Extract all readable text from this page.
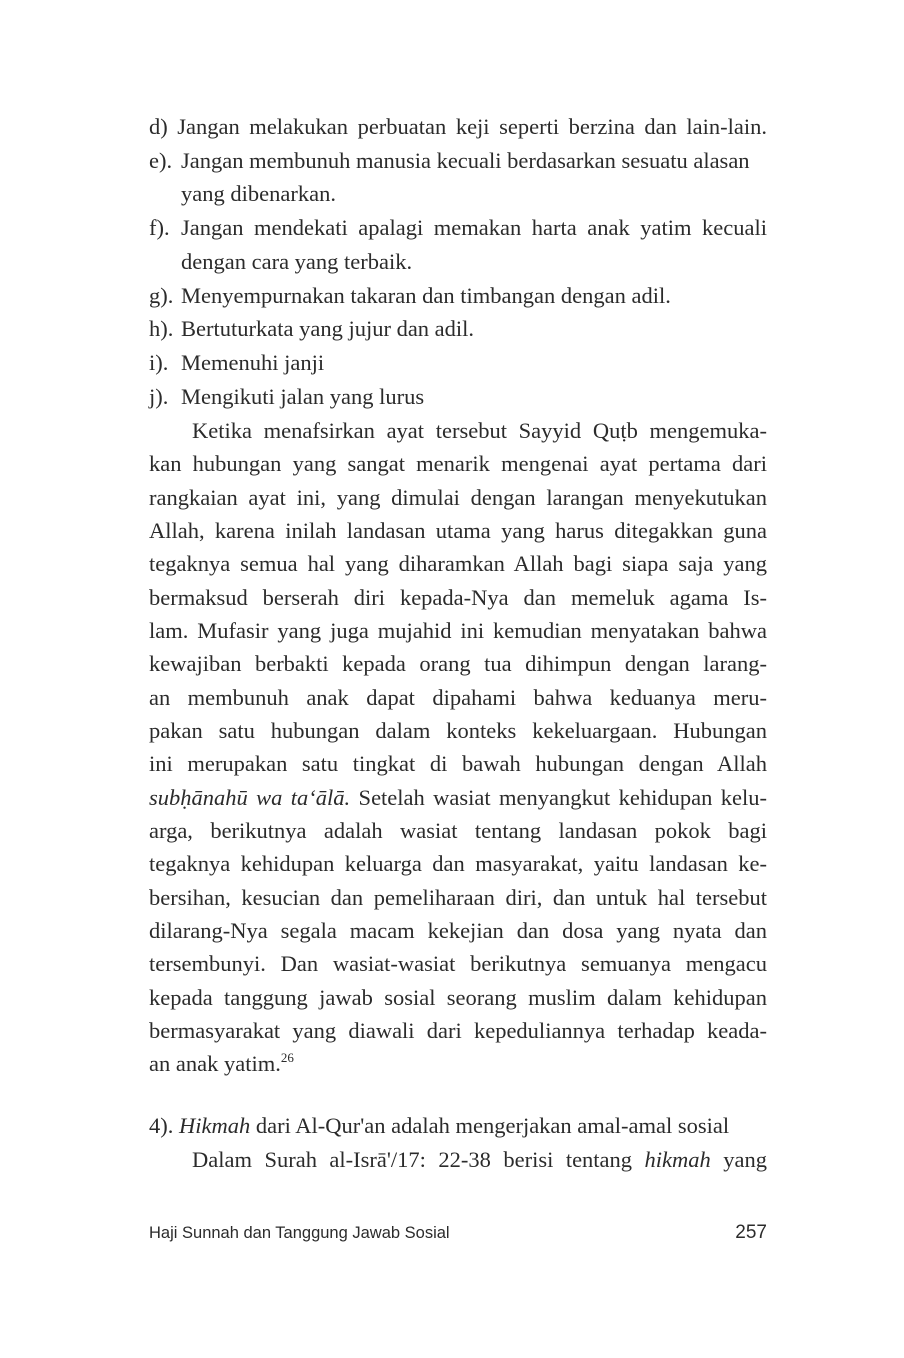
d) Jangan melakukan perbuatan keji seperti berzina dan lain-lain.
e). Jangan membunuh manusia kecuali berdasarkan sesuatu alasan
yang dibenarkan.
f). Jangan mendekati apalagi memakan harta anak yatim kecuali
dengan cara yang terbaik.
g). Menyempurnakan takaran dan timbangan dengan adil.
h). Bertuturkata yang jujur dan adil.
i). Memenuhi janji
j). Mengikuti jalan yang lurus
Ketika menafsirkan ayat tersebut Sayyid Quṭb mengemuka-
kan hubungan yang sangat menarik mengenai ayat pertama dari
rangkaian ayat ini, yang dimulai dengan larangan menyekutukan
Allah, karena inilah landasan utama yang harus ditegakkan guna
tegaknya semua hal yang diharamkan Allah bagi siapa saja yang
bermaksud berserah diri kepada-Nya dan memeluk agama Is-
lam. Mufasir yang juga mujahid ini kemudian menyatakan bahwa
kewajiban berbakti kepada orang tua dihimpun dengan larang-
an membunuh anak dapat dipahami bahwa keduanya meru-
pakan satu hubungan dalam konteks kekeluargaan. Hubungan
ini merupakan satu tingkat di bawah hubungan dengan Allah
subḥānahū wa ta‘ālā. Setelah wasiat menyangkut kehidupan kelu-
arga, berikutnya adalah wasiat tentang landasan pokok bagi
tegaknya kehidupan keluarga dan masyarakat, yaitu landasan ke-
bersihan, kesucian dan pemeliharaan diri, dan untuk hal tersebut
dilarang-Nya segala macam kekejian dan dosa yang nyata dan
tersembunyi. Dan wasiat-wasiat berikutnya semuanya mengacu
kepada tanggung jawab sosial seorang muslim dalam kehidupan
bermasyarakat yang diawali dari kepeduliannya terhadap keada-
an anak yatim.$^{26}$
4). Hikmah dari Al-Qur'an adalah mengerjakan amal-amal sosial
Dalam Surah al-Isrā'/17: 22-38 berisi tentang hikmah yang
Haji Sunnah dan Tanggung Jawab Sosial	257
